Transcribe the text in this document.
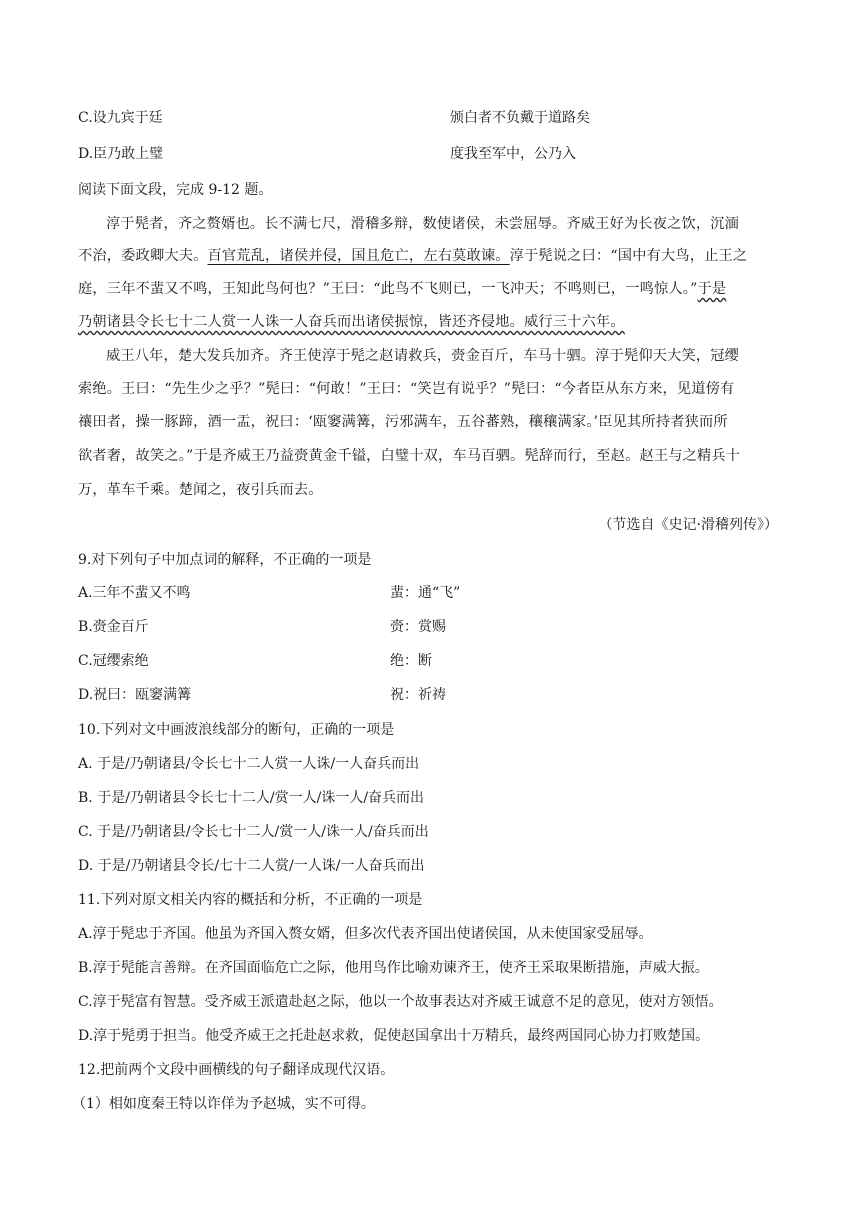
C.设九宾于廷	颁白者不负戴于道路矣
D.臣乃敢上璧	度我至军中，公乃入
阅读下面文段，完成 9-12 题。
淳于髡者，齐之赘婿也。长不满七尺，滑稽多辩，数使诸侯，未尝屈辱。齐威王好为长夜之饮，沉湎
不治，委政卿大夫。百官荒乱，诸侯并侵，国且危亡，左右莫敢谏。淳于髡说之曰：“国中有大鸟，止王之
庭，三年不蜚又不鸣，王知此鸟何也？”王曰：“此鸟不飞则已，一飞冲天；不鸣则已，一鸣惊人。”于是
乃朝诸县令长七十二人赏一人诛一人奋兵而出诸侯振惊，皆还齐侵地。威行三十六年。
威王八年，楚大发兵加齐。齐王使淳于髡之赵请救兵，赍金百斤，车马十驷。淳于髡仰天大笑，冠缨
索绝。王曰：“先生少之乎？”髡曰：“何敢！”王曰：“笑岂有说乎？”髡曰：“今者臣从东方来，见道傍有
禳田者，操一豚蹄，酒一盂，祝曰：‘瓯窭满篝，污邪满车，五谷蕃熟，穰穰满家。’臣见其所持者狭而所
欲者奢，故笑之。”于是齐威王乃益赍黄金千镒，白璧十双，车马百驷。髡辞而行，至赵。赵王与之精兵十
万，革车千乘。楚闻之，夜引兵而去。
（节选自《史记·滑稽列传》）
9.对下列句子中加点词的解释，不正确的一项是
A.三年不蜚又不鸣	蜚：通“飞”
B.赍金百斤	赍：赏赐
C.冠缨索绝	绝：断
D.祝曰：瓯窭满篝	祝：祈祷
10.下列对文中画波浪线部分的断句，正确的一项是
A. 于是/乃朝诸县/令长七十二人赏一人诛/一人奋兵而出
B. 于是/乃朝诸县令长七十二人/赏一人/诛一人/奋兵而出
C. 于是/乃朝诸县/令长七十二人/赏一人/诛一人/奋兵而出
D. 于是/乃朝诸县令长/七十二人赏/一人诛/一人奋兵而出
11.下列对原文相关内容的概括和分析，不正确的一项是
A.淳于髡忠于齐国。他虽为齐国入赘女婿，但多次代表齐国出使诸侯国，从未使国家受屈辱。
B.淳于髡能言善辩。在齐国面临危亡之际，他用鸟作比喻劝谏齐王，使齐王采取果断措施，声威大振。
C.淳于髡富有智慧。受齐威王派遣赴赵之际，他以一个故事表达对齐威王诚意不足的意见，使对方领悟。
D.淳于髡勇于担当。他受齐威王之托赴赵求救，促使赵国拿出十万精兵，最终两国同心协力打败楚国。
12.把前两个文段中画横线的句子翻译成现代汉语。
（1）相如度秦王特以诈佯为予赵城，实不可得。
